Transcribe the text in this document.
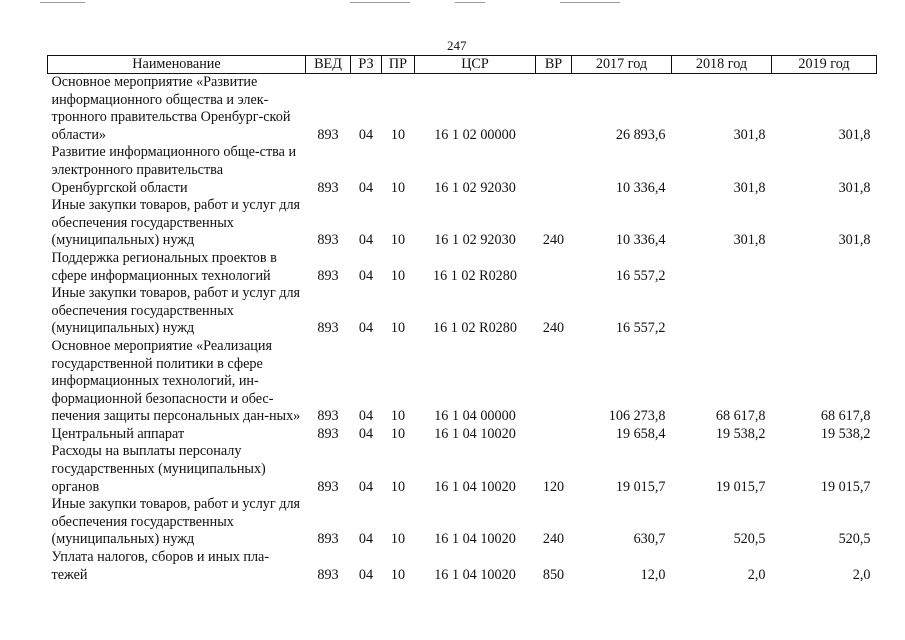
247
Наименование	ВЕД	РЗ	ПР	ЦСР	ВР	2017 год	2018 год	2019 год
Основное мероприятие «Развитие информационного общества и элек-тронного правительства Оренбург-ской области»	893	04	10	16 1 02 00000		26 893,6	301,8	301,8
Развитие информационного обще-ства и электронного правительства Оренбургской области	893	04	10	16 1 02 92030		10 336,4	301,8	301,8
Иные закупки товаров, работ и услуг для обеспечения государственных (муниципальных) нужд	893	04	10	16 1 02 92030	240	10 336,4	301,8	301,8
Поддержка региональных проектов в сфере информационных технологий	893	04	10	16 1 02 R0280		16 557,2		
Иные закупки товаров, работ и услуг для обеспечения государственных (муниципальных) нужд	893	04	10	16 1 02 R0280	240	16 557,2		
Основное мероприятие «Реализация государственной политики в сфере информационных технологий, ин-формационной безопасности и обес-печения защиты персональных дан-ных»	893	04	10	16 1 04 00000		106 273,8	68 617,8	68 617,8
Центральный аппарат	893	04	10	16 1 04 10020		19 658,4	19 538,2	19 538,2
Расходы на выплаты персоналу государственных (муниципальных) органов	893	04	10	16 1 04 10020	120	19 015,7	19 015,7	19 015,7
Иные закупки товаров, работ и услуг для обеспечения государственных (муниципальных) нужд	893	04	10	16 1 04 10020	240	630,7	520,5	520,5
Уплата налогов, сборов и иных пла-тежей	893	04	10	16 1 04 10020	850	12,0	2,0	2,0
